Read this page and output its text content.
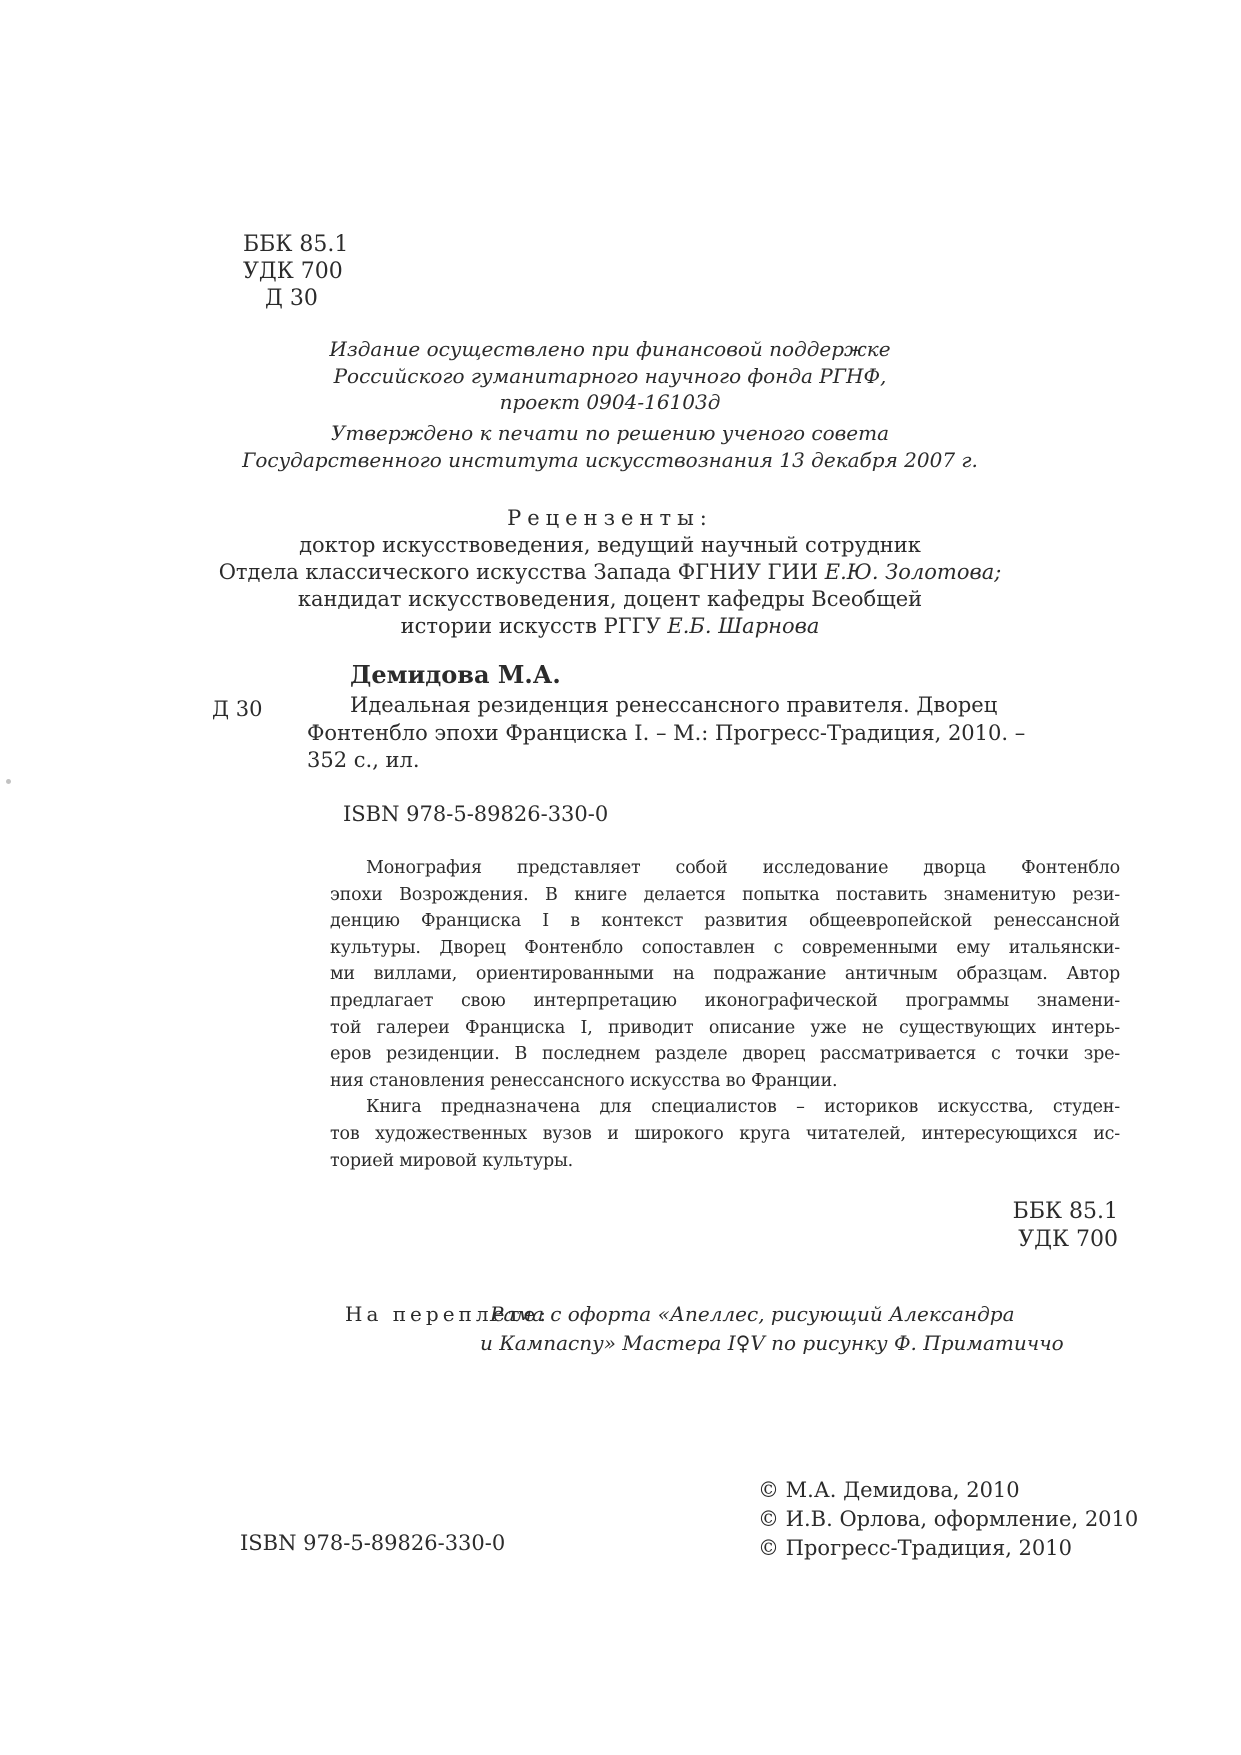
ББК 85.1
УДК 700
Д 30
Издание осуществлено при финансовой поддержке
Российского гуманитарного научного фонда РГНФ,
проект 0904-16103д
Утверждено к печати по решению ученого совета
Государственного института искусствознания 13 декабря 2007 г.
Рецензенты:
доктор искусствоведения, ведущий научный сотрудник
Отдела классического искусства Запада ФГНИУ ГИИ Е.Ю. Золотова;
кандидат искусствоведения, доцент кафедры Всеобщей
истории искусств РГГУ Е.Б. Шарнова
Демидова М.А.
Д 30	Идеальная резиденция ренессансного правителя. Дворец
Фонтенбло эпохи Франциска I. – М.: Прогресс-Традиция, 2010. –
352 с., ил.
ISBN 978-5-89826-330-0
Монография представляет собой исследование дворца Фонтенбло
эпохи Возрождения. В книге делается попытка поставить знаменитую рези-
денцию Франциска I в контекст развития общеевропейской ренессансной
культуры. Дворец Фонтенбло сопоставлен с современными ему итальянски-
ми виллами, ориентированными на подражание античным образцам. Автор
предлагает свою интерпретацию иконографической программы знамени-
той галереи Франциска I, приводит описание уже не существующих интерь-
еров резиденции. В последнем разделе дворец рассматривается с точки зре-
ния становления ренессансного искусства во Франции.
Книга предназначена для специалистов – историков искусства, студен-
тов художественных вузов и широкого круга читателей, интересующихся ис-
торией мировой культуры.
ББК 85.1
УДК 700
На переплете:
Рама с офорта «Апеллес, рисующий Александра
и Кампаспу» Мастера I♀V по рисунку Ф. Приматиччо
ISBN 978-5-89826-330-0
© М.А. Демидова, 2010
© И.В. Орлова, оформление, 2010
© Прогресс-Традиция, 2010
